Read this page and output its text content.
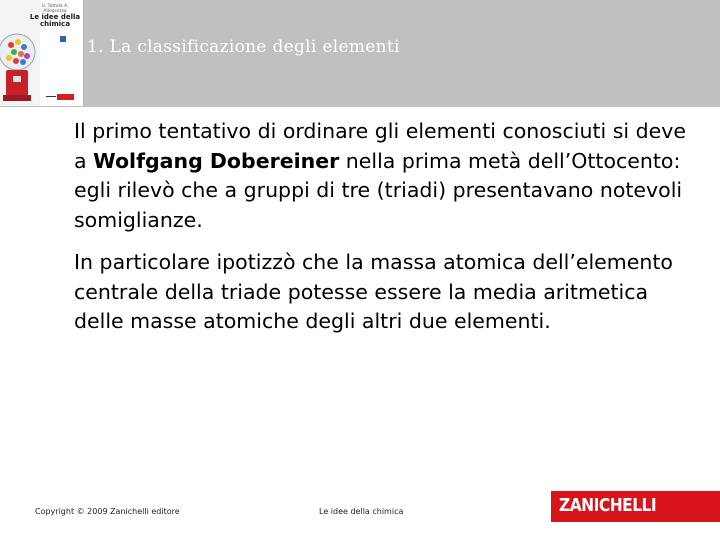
U. Tottola A. Allegrezza
Le idee della chimica
1. La classificazione degli elementi

Il primo tentativo di ordinare gli elementi conosciuti si deve a Wolfgang Dobereiner nella prima metà dell’Ottocento: egli rilevò che a gruppi di tre (triadi) presentavano notevoli somiglianze.

In particolare ipotizzò che la massa atomica dell’elemento centrale della triade potesse essere la media aritmetica delle masse atomiche degli altri due elementi.

Copyright © 2009 Zanichelli editore	Le idee della chimica	ZANICHELLI
